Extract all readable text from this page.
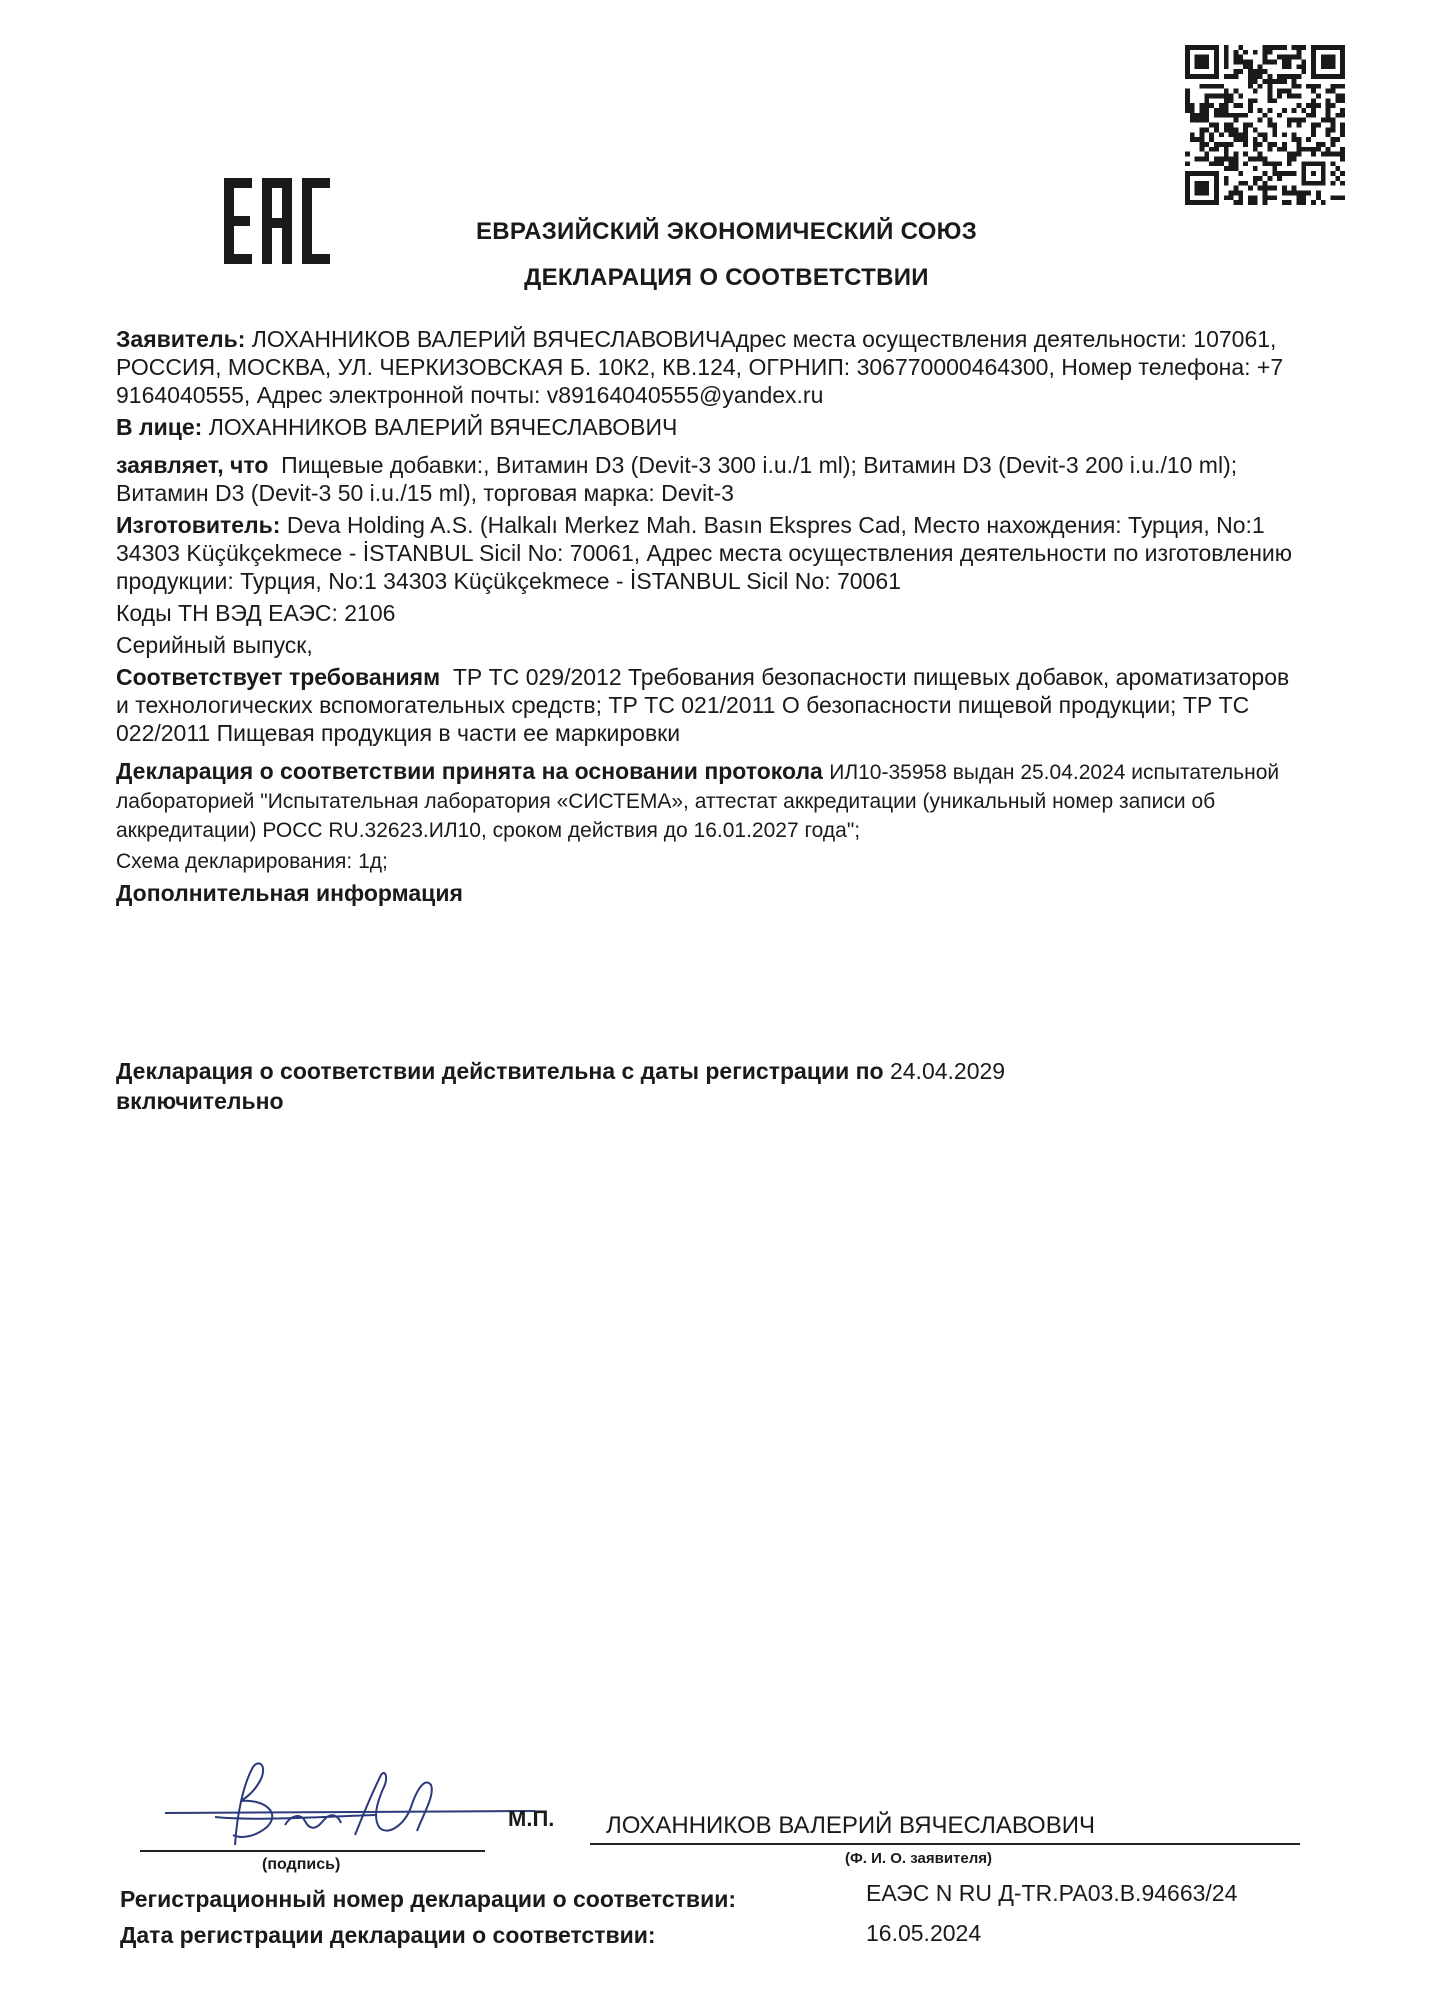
ЕВРАЗИЙСКИЙ ЭКОНОМИЧЕСКИЙ СОЮЗ
ДЕКЛАРАЦИЯ О СООТВЕТСТВИИ

Заявитель: ЛОХАННИКОВ ВАЛЕРИЙ ВЯЧЕСЛАВОВИЧАдрес места осуществления деятельности: 107061, РОССИЯ, МОСКВА, УЛ. ЧЕРКИЗОВСКАЯ Б. 10К2, КВ.124, ОГРНИП: 306770000464300, Номер телефона: +7 9164040555, Адрес электронной почты: v89164040555@yandex.ru

В лице: ЛОХАННИКОВ ВАЛЕРИЙ ВЯЧЕСЛАВОВИЧ

заявляет, что Пищевые добавки:, Витамин D3 (Devit-3 300 i.u./1 ml); Витамин D3 (Devit-3 200 i.u./10 ml); Витамин D3 (Devit-3 50 i.u./15 ml), торговая марка: Devit-3

Изготовитель: Deva Holding A.S. (Halkalı Merkez Mah. Basın Ekspres Cad, Место нахождения: Турция, No:1 34303 Küçükçekmece - İSTANBUL Sicil No: 70061, Адрес места осуществления деятельности по изготовлению продукции: Турция, No:1 34303 Küçükçekmece - İSTANBUL Sicil No: 70061

Коды ТН ВЭД ЕАЭС: 2106

Серийный выпуск,

Соответствует требованиям ТР ТС 029/2012 Требования безопасности пищевых добавок, ароматизаторов и технологических вспомогательных средств; ТР ТС 021/2011 О безопасности пищевой продукции; ТР ТС 022/2011 Пищевая продукция в части ее маркировки

Декларация о соответствии принята на основании протокола ИЛ10-35958 выдан 25.04.2024 испытательной лабораторией "Испытательная лаборатория «СИСТЕМА», аттестат аккредитации (уникальный номер записи об аккредитации) РОСС RU.32623.ИЛ10, сроком действия до 16.01.2027 года";

Схема декларирования: 1д;

Дополнительная информация

Декларация о соответствии действительна с даты регистрации по 24.04.2029
включительно
(подпись)
М.П. ЛОХАННИКОВ ВАЛЕРИЙ ВЯЧЕСЛАВОВИЧ
(Ф. И. О. заявителя)
Регистрационный номер декларации о соответствии:	ЕАЭС N RU Д-TR.РА03.В.94663/24
Дата регистрации декларации о соответствии:	16.05.2024
